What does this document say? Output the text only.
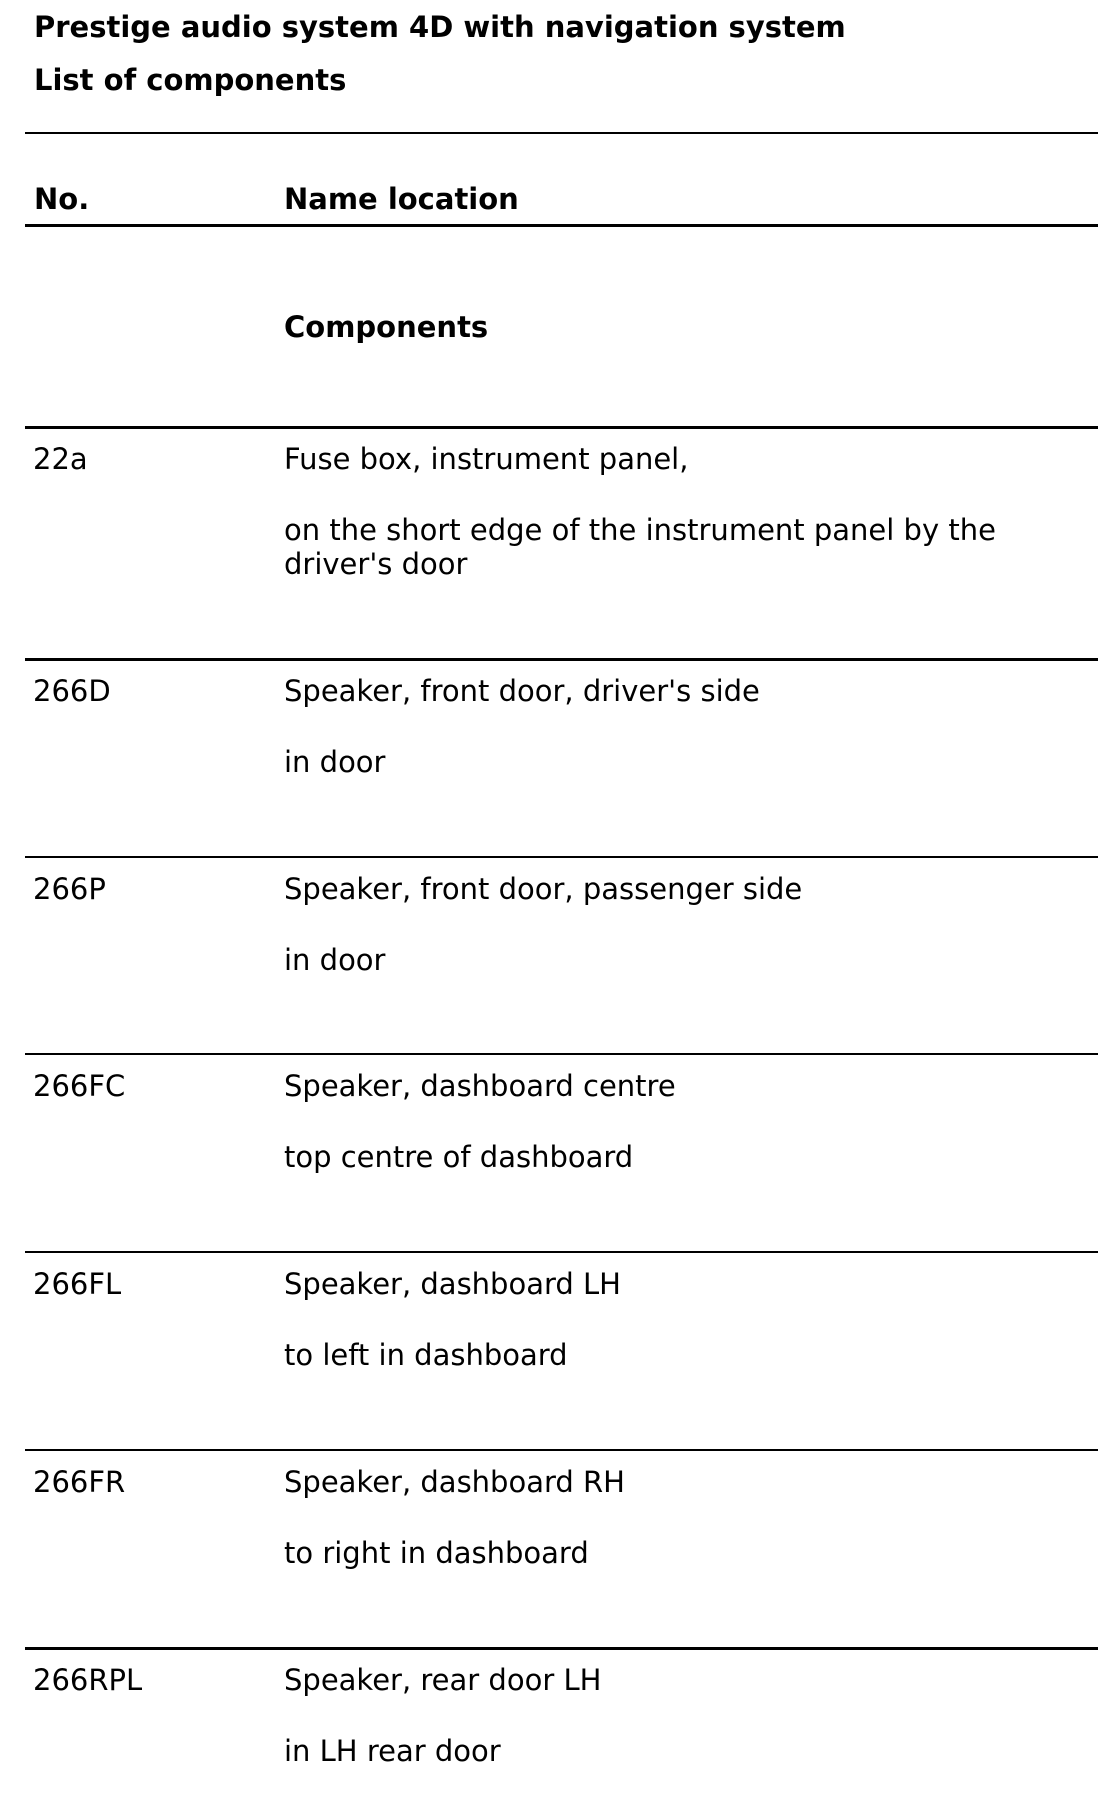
Prestige audio system 4D with navigation system
List of components
No.	Name location
Components
22a	Fuse box, instrument panel,
on the short edge of the instrument panel by the driver's door
266D	Speaker, front door, driver's side
in door
266P	Speaker, front door, passenger side
in door
266FC	Speaker, dashboard centre
top centre of dashboard
266FL	Speaker, dashboard LH
to left in dashboard
266FR	Speaker, dashboard RH
to right in dashboard
266RPL	Speaker, rear door LH
in LH rear door
